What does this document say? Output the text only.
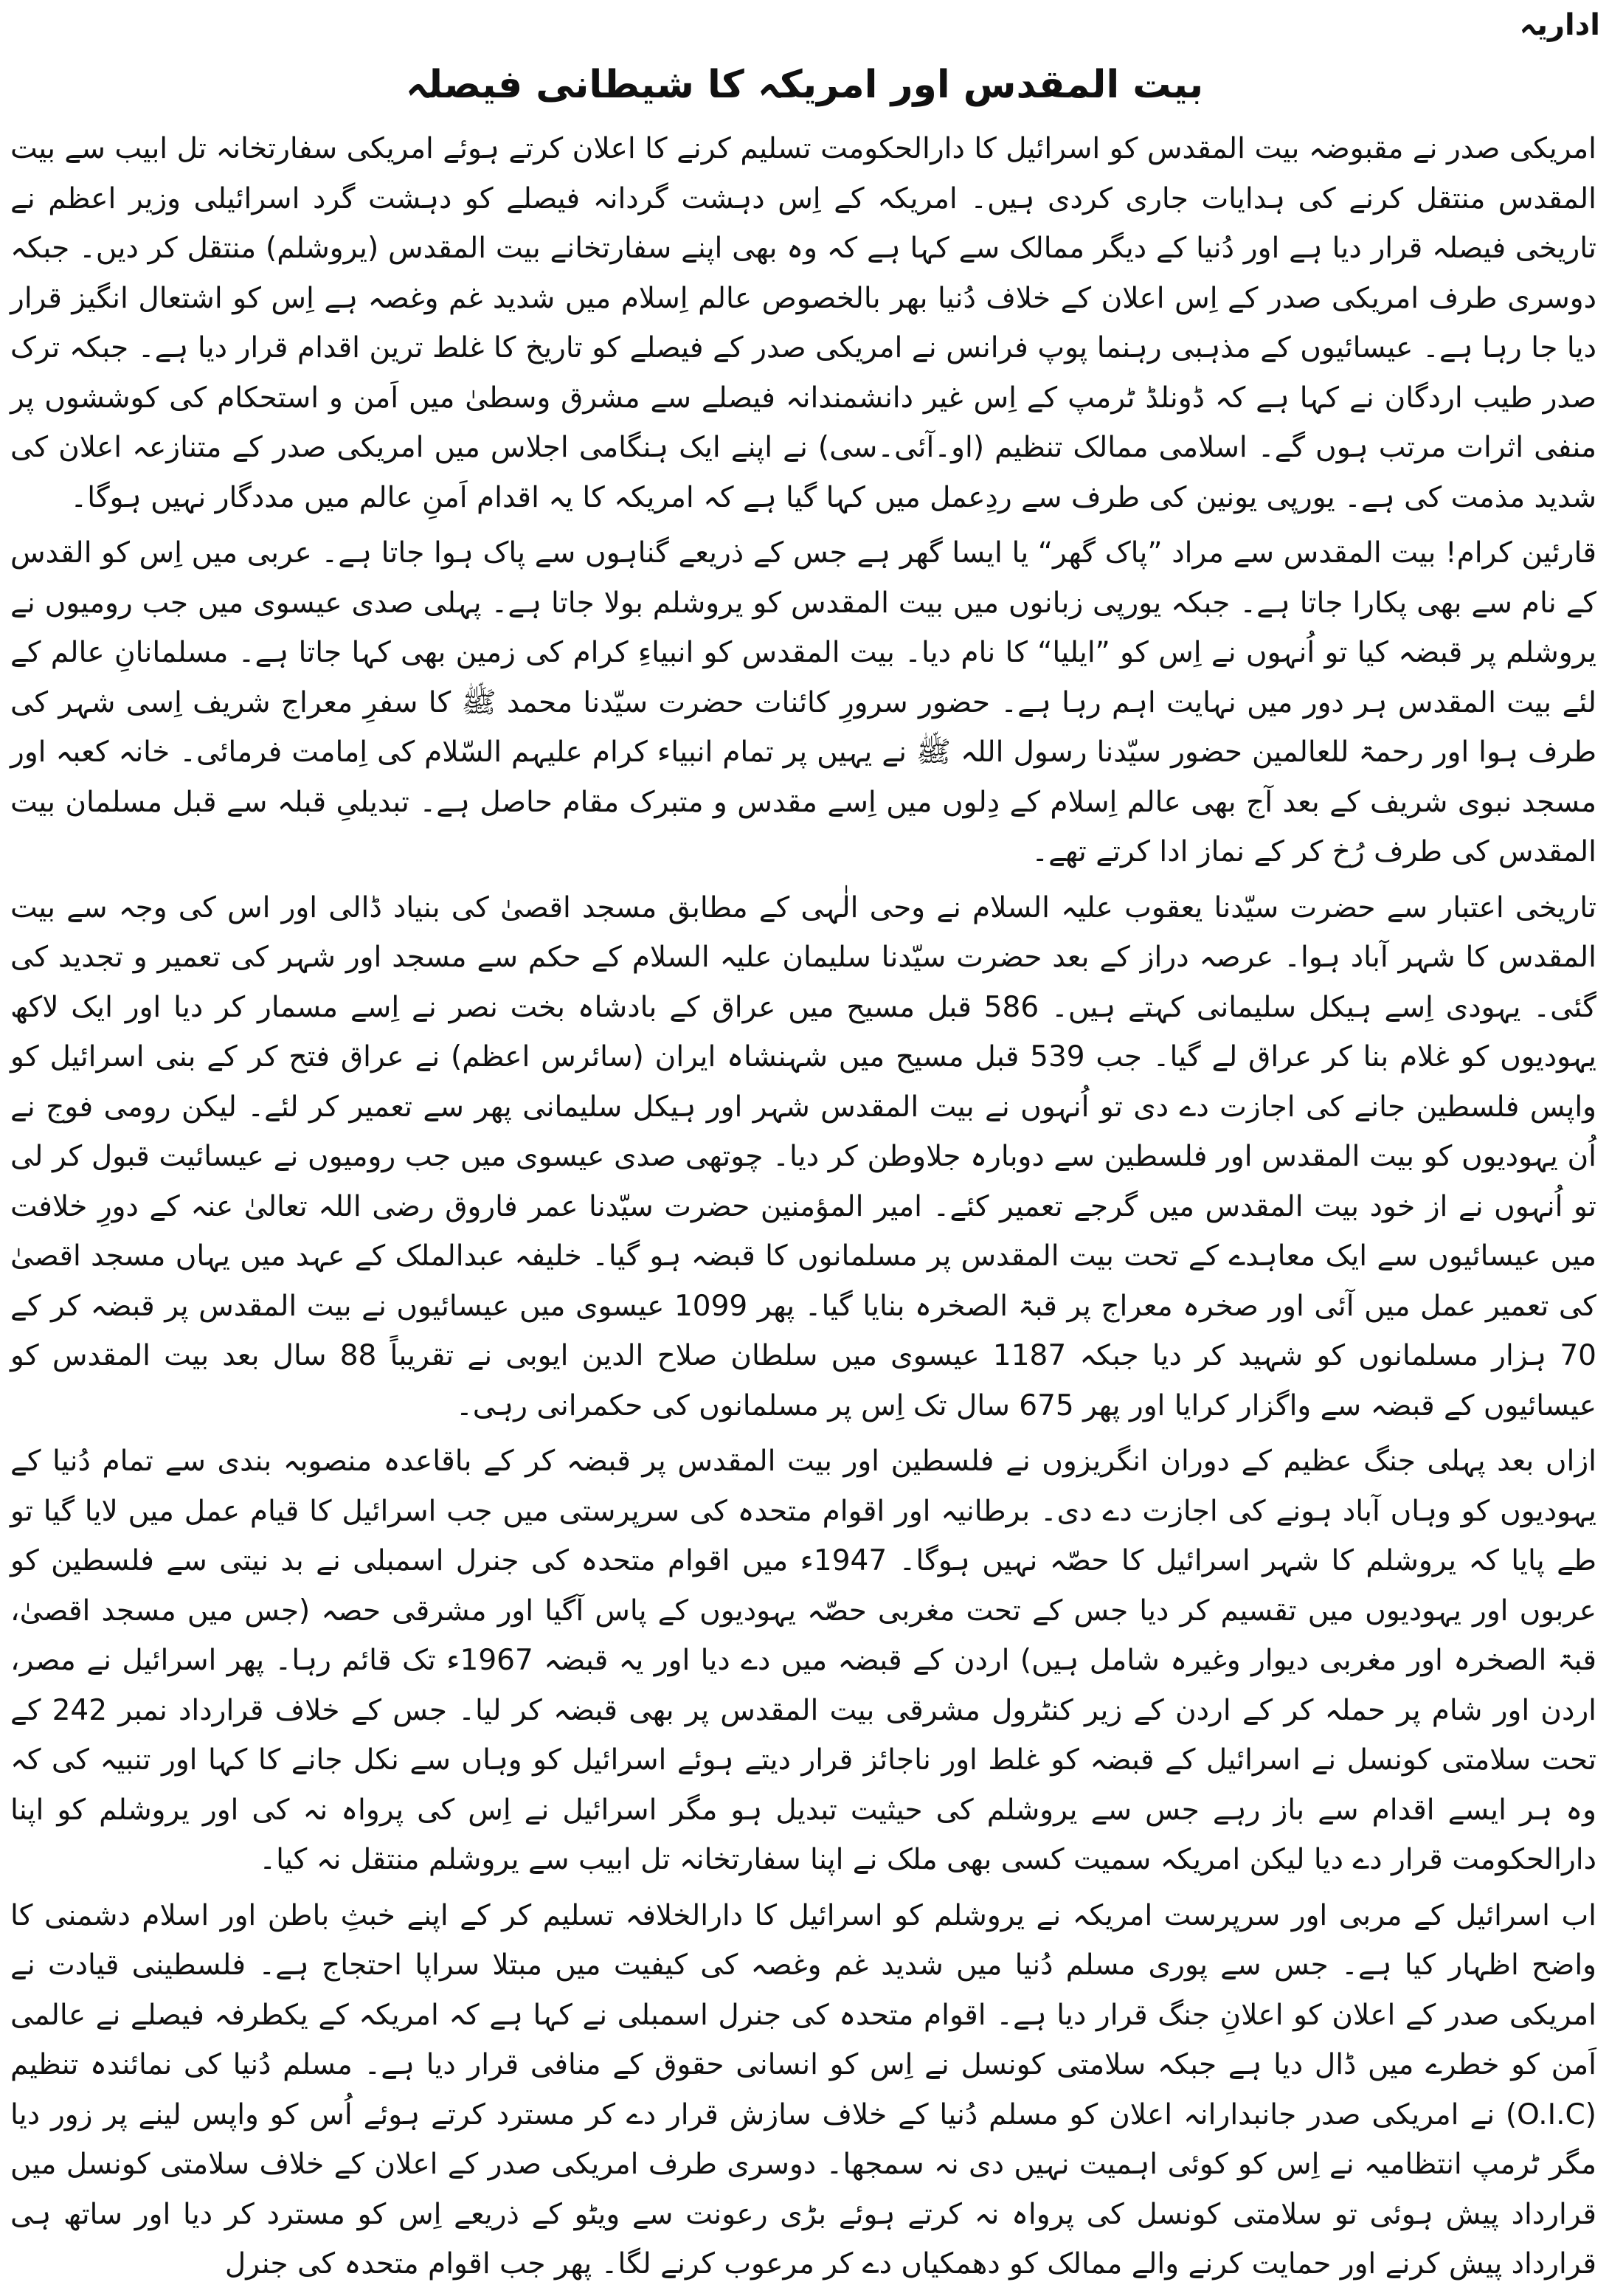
اداریہ

بیت المقدس اور امریکہ کا شیطانی فیصلہ

امریکی صدر نے مقبوضہ بیت المقدس کو اسرائیل کا دارالحکومت تسلیم کرنے کا اعلان کرتے ہوئے امریکی سفارتخانہ تل ابیب سے بیت المقدس منتقل کرنے کی ہدایات جاری کردی ہیں۔ امریکہ کے اِس دہشت گردانہ فیصلے کو دہشت گرد اسرائیلی وزیر اعظم نے تاریخی فیصلہ قرار دیا ہے اور دُنیا کے دیگر ممالک سے کہا ہے کہ وہ بھی اپنے سفارتخانے بیت المقدس (یروشلم) منتقل کر دیں۔ جبکہ دوسری طرف امریکی صدر کے اِس اعلان کے خلاف دُنیا بھر بالخصوص عالم اِسلام میں شدید غم وغصہ ہے اِس کو اشتعال انگیز قرار دیا جا رہا ہے۔ عیسائیوں کے مذہبی رہنما پوپ فرانس نے امریکی صدر کے فیصلے کو تاریخ کا غلط ترین اقدام قرار دیا ہے۔ جبکہ ترک صدر طیب اردگان نے کہا ہے کہ ڈونلڈ ٹرمپ کے اِس غیر دانشمندانہ فیصلے سے مشرق وسطیٰ میں اَمن و استحکام کی کوششوں پر منفی اثرات مرتب ہوں گے۔ اسلامی ممالک تنظیم (او۔آئی۔سی) نے اپنے ایک ہنگامی اجلاس میں امریکی صدر کے متنازعہ اعلان کی شدید مذمت کی ہے۔ یورپی یونین کی طرف سے ردِعمل میں کہا گیا ہے کہ امریکہ کا یہ اقدام اَمنِ عالم میں مددگار نہیں ہوگا۔

قارئین کرام! بیت المقدس سے مراد ”پاک گھر“ یا ایسا گھر ہے جس کے ذریعے گناہوں سے پاک ہوا جاتا ہے۔ عربی میں اِس کو القدس کے نام سے بھی پکارا جاتا ہے۔ جبکہ یورپی زبانوں میں بیت المقدس کو یروشلم بولا جاتا ہے۔ پہلی صدی عیسوی میں جب رومیوں نے یروشلم پر قبضہ کیا تو اُنہوں نے اِس کو ”ایلیا“ کا نام دیا۔ بیت المقدس کو انبیاءِ کرام کی زمین بھی کہا جاتا ہے۔ مسلمانانِ عالم کے لئے بیت المقدس ہر دور میں نہایت اہم رہا ہے۔ حضور سرورِ کائنات حضرت سیّدنا محمد ﷺ کا سفرِ معراج شریف اِسی شہر کی طرف ہوا اور رحمۃ للعالمین حضور سیّدنا رسول اللہ ﷺ نے یہیں پر تمام انبیاء کرام علیہم السّلام کی اِمامت فرمائی۔ خانہ کعبہ اور مسجد نبوی شریف کے بعد آج بھی عالم اِسلام کے دِلوں میں اِسے مقدس و متبرک مقام حاصل ہے۔ تبدیلیِ قبلہ سے قبل مسلمان بیت المقدس کی طرف رُخ کر کے نماز ادا کرتے تھے۔

تاریخی اعتبار سے حضرت سیّدنا یعقوب علیہ السلام نے وحی الٰہی کے مطابق مسجد اقصیٰ کی بنیاد ڈالی اور اس کی وجہ سے بیت المقدس کا شہر آباد ہوا۔ عرصہ دراز کے بعد حضرت سیّدنا سلیمان علیہ السلام کے حکم سے مسجد اور شہر کی تعمیر و تجدید کی گئی۔ یہودی اِسے ہیکل سلیمانی کہتے ہیں۔ 586 قبل مسیح میں عراق کے بادشاہ بخت نصر نے اِسے مسمار کر دیا اور ایک لاکھ یہودیوں کو غلام بنا کر عراق لے گیا۔ جب 539 قبل مسیح میں شہنشاہ ایران (سائرس اعظم) نے عراق فتح کر کے بنی اسرائیل کو واپس فلسطین جانے کی اجازت دے دی تو اُنہوں نے بیت المقدس شہر اور ہیکل سلیمانی پھر سے تعمیر کر لئے۔ لیکن رومی فوج نے اُن یہودیوں کو بیت المقدس اور فلسطین سے دوبارہ جلاوطن کر دیا۔ چوتھی صدی عیسوی میں جب رومیوں نے عیسائیت قبول کر لی تو اُنہوں نے از خود بیت المقدس میں گرجے تعمیر کئے۔ امیر المؤمنین حضرت سیّدنا عمر فاروق رضی اللہ تعالیٰ عنہ کے دورِ خلافت میں عیسائیوں سے ایک معاہدے کے تحت بیت المقدس پر مسلمانوں کا قبضہ ہو گیا۔ خلیفہ عبدالملک کے عہد میں یہاں مسجد اقصیٰ کی تعمیر عمل میں آئی اور صخرہ معراج پر قبۃ الصخرہ بنایا گیا۔ پھر 1099 عیسوی میں عیسائیوں نے بیت المقدس پر قبضہ کر کے 70 ہزار مسلمانوں کو شہید کر دیا جبکہ 1187 عیسوی میں سلطان صلاح الدین ایوبی نے تقریباً 88 سال بعد بیت المقدس کو عیسائیوں کے قبضہ سے واگزار کرایا اور پھر 675 سال تک اِس پر مسلمانوں کی حکمرانی رہی۔

ازاں بعد پہلی جنگ عظیم کے دوران انگریزوں نے فلسطین اور بیت المقدس پر قبضہ کر کے باقاعدہ منصوبہ بندی سے تمام دُنیا کے یہودیوں کو وہاں آباد ہونے کی اجازت دے دی۔ برطانیہ اور اقوام متحدہ کی سرپرستی میں جب اسرائیل کا قیام عمل میں لایا گیا تو طے پایا کہ یروشلم کا شہر اسرائیل کا حصّہ نہیں ہوگا۔ 1947ء میں اقوام متحدہ کی جنرل اسمبلی نے بد نیتی سے فلسطین کو عربوں اور یہودیوں میں تقسیم کر دیا جس کے تحت مغربی حصّہ یہودیوں کے پاس آگیا اور مشرقی حصہ (جس میں مسجد اقصیٰ، قبۃ الصخرہ اور مغربی دیوار وغیرہ شامل ہیں) اردن کے قبضہ میں دے دیا اور یہ قبضہ 1967ء تک قائم رہا۔ پھر اسرائیل نے مصر، اردن اور شام پر حملہ کر کے اردن کے زیر کنٹرول مشرقی بیت المقدس پر بھی قبضہ کر لیا۔ جس کے خلاف قرارداد نمبر 242 کے تحت سلامتی کونسل نے اسرائیل کے قبضہ کو غلط اور ناجائز قرار دیتے ہوئے اسرائیل کو وہاں سے نکل جانے کا کہا اور تنبیہ کی کہ وہ ہر ایسے اقدام سے باز رہے جس سے یروشلم کی حیثیت تبدیل ہو مگر اسرائیل نے اِس کی پرواہ نہ کی اور یروشلم کو اپنا دارالحکومت قرار دے دیا لیکن امریکہ سمیت کسی بھی ملک نے اپنا سفارتخانہ تل ابیب سے یروشلم منتقل نہ کیا۔

اب اسرائیل کے مربی اور سرپرست امریکہ نے یروشلم کو اسرائیل کا دارالخلافہ تسلیم کر کے اپنے خبثِ باطن اور اسلام دشمنی کا واضح اظہار کیا ہے۔ جس سے پوری مسلم دُنیا میں شدید غم وغصہ کی کیفیت میں مبتلا سراپا احتجاج ہے۔ فلسطینی قیادت نے امریکی صدر کے اعلان کو اعلانِ جنگ قرار دیا ہے۔ اقوام متحدہ کی جنرل اسمبلی نے کہا ہے کہ امریکہ کے یکطرفہ فیصلے نے عالمی اَمن کو خطرے میں ڈال دیا ہے جبکہ سلامتی کونسل نے اِس کو انسانی حقوق کے منافی قرار دیا ہے۔ مسلم دُنیا کی نمائندہ تنظیم (O.I.C) نے امریکی صدر جانبدارانہ اعلان کو مسلم دُنیا کے خلاف سازش قرار دے کر مسترد کرتے ہوئے اُس کو واپس لینے پر زور دیا مگر ٹرمپ انتظامیہ نے اِس کو کوئی اہمیت نہیں دی نہ سمجھا۔ دوسری طرف امریکی صدر کے اعلان کے خلاف سلامتی کونسل میں قرارداد پیش ہوئی تو سلامتی کونسل کی پرواہ نہ کرتے ہوئے بڑی رعونت سے ویٹو کے ذریعے اِس کو مسترد کر دیا اور ساتھ ہی قرارداد پیش کرنے اور حمایت کرنے والے ممالک کو دھمکیاں دے کر مرعوب کرنے لگا۔ پھر جب اقوام متحدہ کی جنرل
